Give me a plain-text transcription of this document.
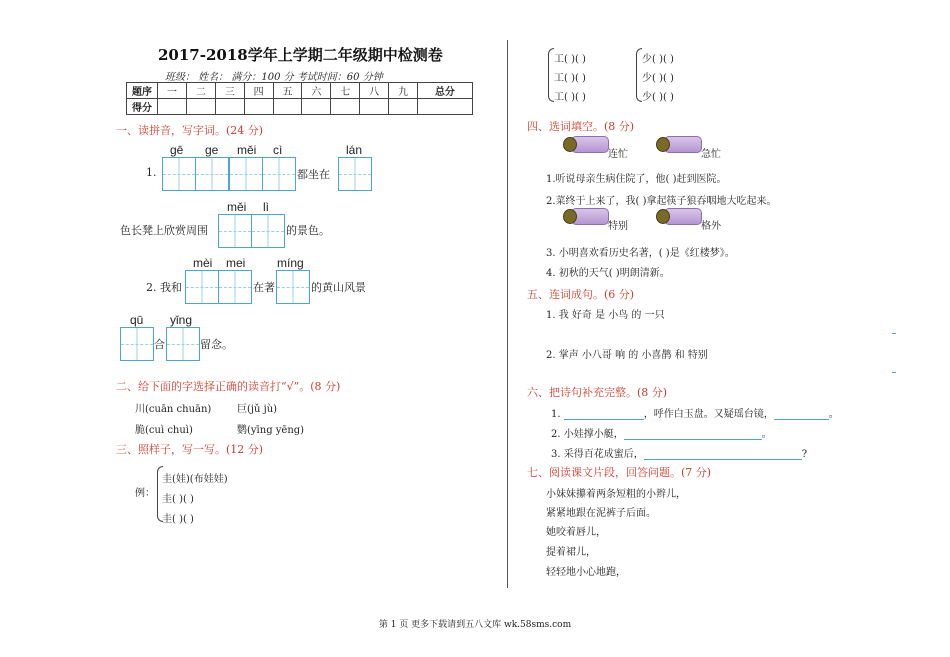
2017-2018学年上学期二年级期中检测卷
班级： 姓名： 满分：100 分 考试时间：60 分钟
题序	一	二	三	四	五	六	七	八	九	总分
得分										
一、读拼音，写字词。(24 分)
gē ge měi cì	lán
1.	都坐在
měi lì
色长凳上欣赏周围	的景色。
mèi mei	míng
2. 我和	在著	的黄山风景
qū yǐng
合	留念。
二、给下面的字选择正确的读音打“√”。(8 分)
川(cuān chuān)	巨(jǔ jù)
脆(cuì chuì)	鹦(yīng yēng)
三、照样子，写一写。(12 分)
例：
圭(娃)(布娃娃)
圭( )( )
圭( )( )
工( )( )
工( )( )
工( )( )
少( )( )
少( )( )
少( )( )
四、选词填空。(8 分)
连忙	急忙
1.听说母亲生病住院了，他( )赶到医院。
2.菜终于上来了，我( )拿起筷子狼吞咽地大吃起来。
特别	格外
3. 小明喜欢看历史名著，( )是《红楼梦》。
4. 初秋的天气( )明朗清新。
五、连词成句。(6 分)
1. 我 好奇 是 小鸟 的 一只
2. 掌声 小八哥 响 的 小喜鹊 和 特别
六、把诗句补充完整。(8 分)
1.	，呼作白玉盘。又疑瑶台镜，	。
2. 小娃撑小艇，	。
3. 采得百花成蜜后，	?
七、阅读课文片段，回答问题。(7 分)
小妹妹攥着两条短粗的小辫儿，
紧紧地跟在泥裤子后面。
她咬着唇儿，
提着裙儿，
轻轻地小心地跑，
第 1 页 更多下载请到五八文库 wk.58sms.com
